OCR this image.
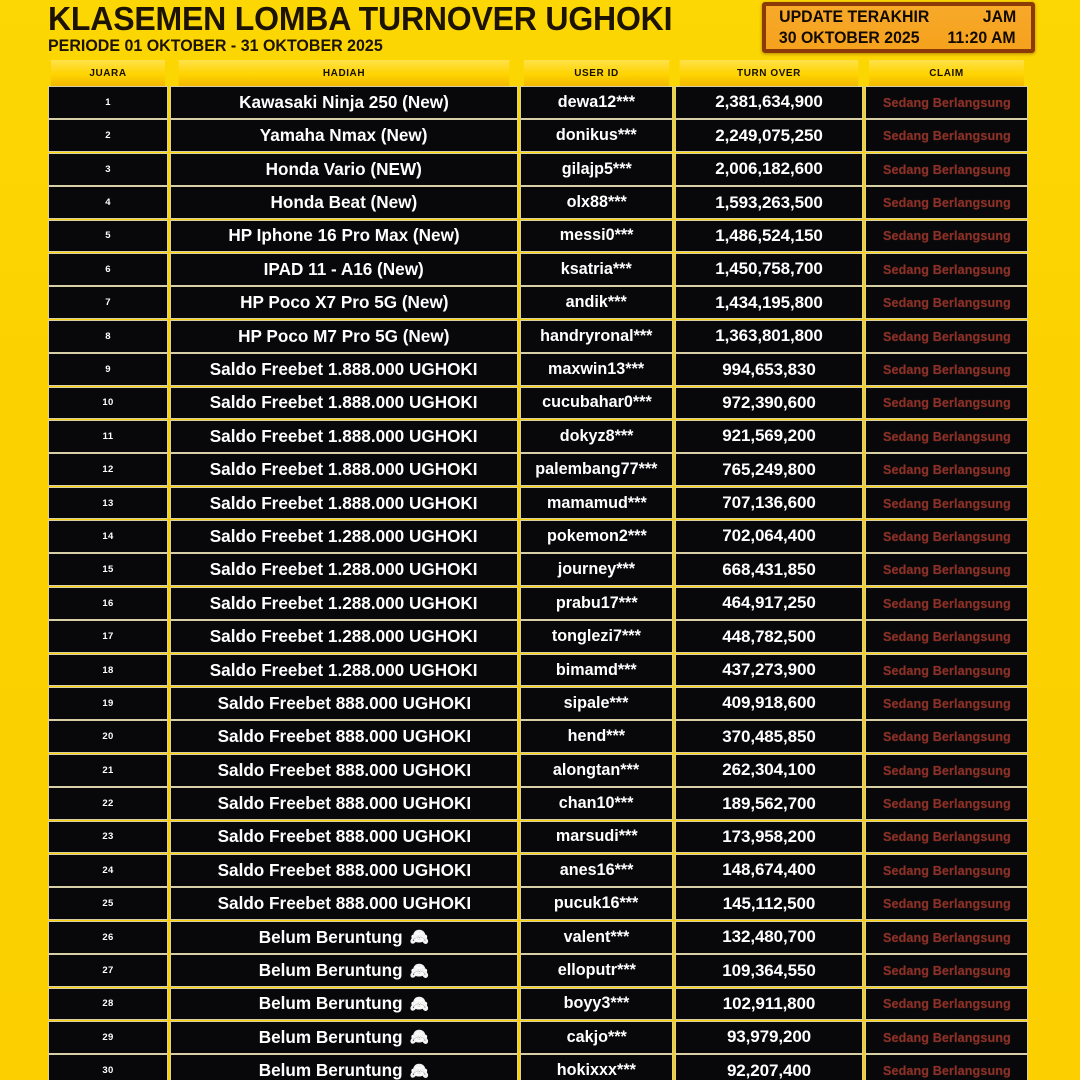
KLASEMEN LOMBA TURNOVER UGHOKI
PERIODE 01 OKTOBER - 31 OKTOBER 2025
UPDATE TERAKHIR	JAM
30 OKTOBER 2025 11:20 AM
JUARA	HADIAH	USER ID	TURN OVER	CLAIM
1	Kawasaki Ninja 250 (New)	dewa12***	2,381,634,900	Sedang Berlangsung
2	Yamaha Nmax (New)	donikus***	2,249,075,250	Sedang Berlangsung
3	Honda Vario (NEW)	gilajp5***	2,006,182,600	Sedang Berlangsung
4	Honda Beat (New)	olx88***	1,593,263,500	Sedang Berlangsung
5	HP Iphone 16 Pro Max (New)	messi0***	1,486,524,150	Sedang Berlangsung
6	IPAD 11 - A16 (New)	ksatria***	1,450,758,700	Sedang Berlangsung
7	HP Poco X7 Pro 5G (New)	andik***	1,434,195,800	Sedang Berlangsung
8	HP Poco M7 Pro 5G (New)	handryronal***	1,363,801,800	Sedang Berlangsung
9	Saldo Freebet 1.888.000 UGHOKI	maxwin13***	994,653,830	Sedang Berlangsung
10	Saldo Freebet 1.888.000 UGHOKI	cucubahar0***	972,390,600	Sedang Berlangsung
11	Saldo Freebet 1.888.000 UGHOKI	dokyz8***	921,569,200	Sedang Berlangsung
12	Saldo Freebet 1.888.000 UGHOKI	palembang77***	765,249,800	Sedang Berlangsung
13	Saldo Freebet 1.888.000 UGHOKI	mamamud***	707,136,600	Sedang Berlangsung
14	Saldo Freebet 1.288.000 UGHOKI	pokemon2***	702,064,400	Sedang Berlangsung
15	Saldo Freebet 1.288.000 UGHOKI	journey***	668,431,850	Sedang Berlangsung
16	Saldo Freebet 1.288.000 UGHOKI	prabu17***	464,917,250	Sedang Berlangsung
17	Saldo Freebet 1.288.000 UGHOKI	tonglezi7***	448,782,500	Sedang Berlangsung
18	Saldo Freebet 1.288.000 UGHOKI	bimamd***	437,273,900	Sedang Berlangsung
19	Saldo Freebet 888.000 UGHOKI	sipale***	409,918,600	Sedang Berlangsung
20	Saldo Freebet 888.000 UGHOKI	hend***	370,485,850	Sedang Berlangsung
21	Saldo Freebet 888.000 UGHOKI	alongtan***	262,304,100	Sedang Berlangsung
22	Saldo Freebet 888.000 UGHOKI	chan10***	189,562,700	Sedang Berlangsung
23	Saldo Freebet 888.000 UGHOKI	marsudi***	173,958,200	Sedang Berlangsung
24	Saldo Freebet 888.000 UGHOKI	anes16***	148,674,400	Sedang Berlangsung
25	Saldo Freebet 888.000 UGHOKI	pucuk16***	145,112,500	Sedang Berlangsung
26	Belum Beruntung 🙈	valent***	132,480,700	Sedang Berlangsung
27	Belum Beruntung 🙈	elloputr***	109,364,550	Sedang Berlangsung
28	Belum Beruntung 🙈	boyy3***	102,911,800	Sedang Berlangsung
29	Belum Beruntung 🙈	cakjo***	93,979,200	Sedang Berlangsung
30	Belum Beruntung 🙈	hokixxx***	92,207,400	Sedang Berlangsung
